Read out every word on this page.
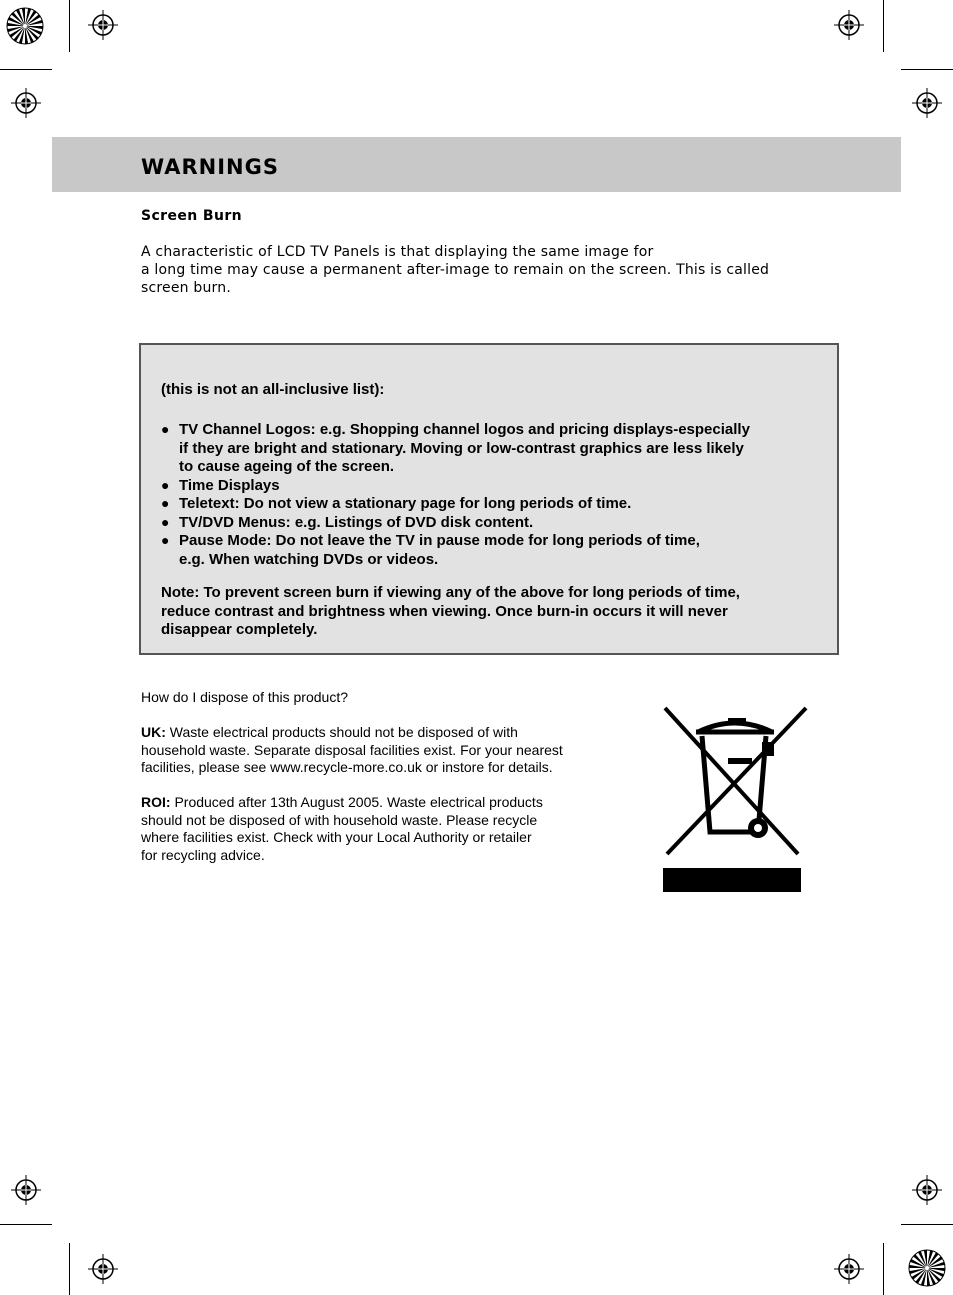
WARNINGS
Screen Burn
A characteristic of LCD TV Panels is that displaying the same image for
a long time may cause a permanent after-image to remain on the screen. This is called
screen burn.
(this is not an all-inclusive list):
● TV Channel Logos: e.g. Shopping channel logos and pricing displays-especially
if they are bright and stationary. Moving or low-contrast graphics are less likely
to cause ageing of the screen.
● Time Displays
● Teletext: Do not view a stationary page for long periods of time.
● TV/DVD Menus: e.g. Listings of DVD disk content.
● Pause Mode: Do not leave the TV in pause mode for long periods of time,
e.g. When watching DVDs or videos.
Note: To prevent screen burn if viewing any of the above for long periods of time,
reduce contrast and brightness when viewing. Once burn-in occurs it will never
disappear completely.
How do I dispose of this product?
UK: Waste electrical products should not be disposed of with
household waste. Separate disposal facilities exist. For your nearest
facilities, please see www.recycle-more.co.uk or instore for details.
ROI: Produced after 13th August 2005. Waste electrical products
should not be disposed of with household waste. Please recycle
where facilities exist. Check with your Local Authority or retailer
for recycling advice.
